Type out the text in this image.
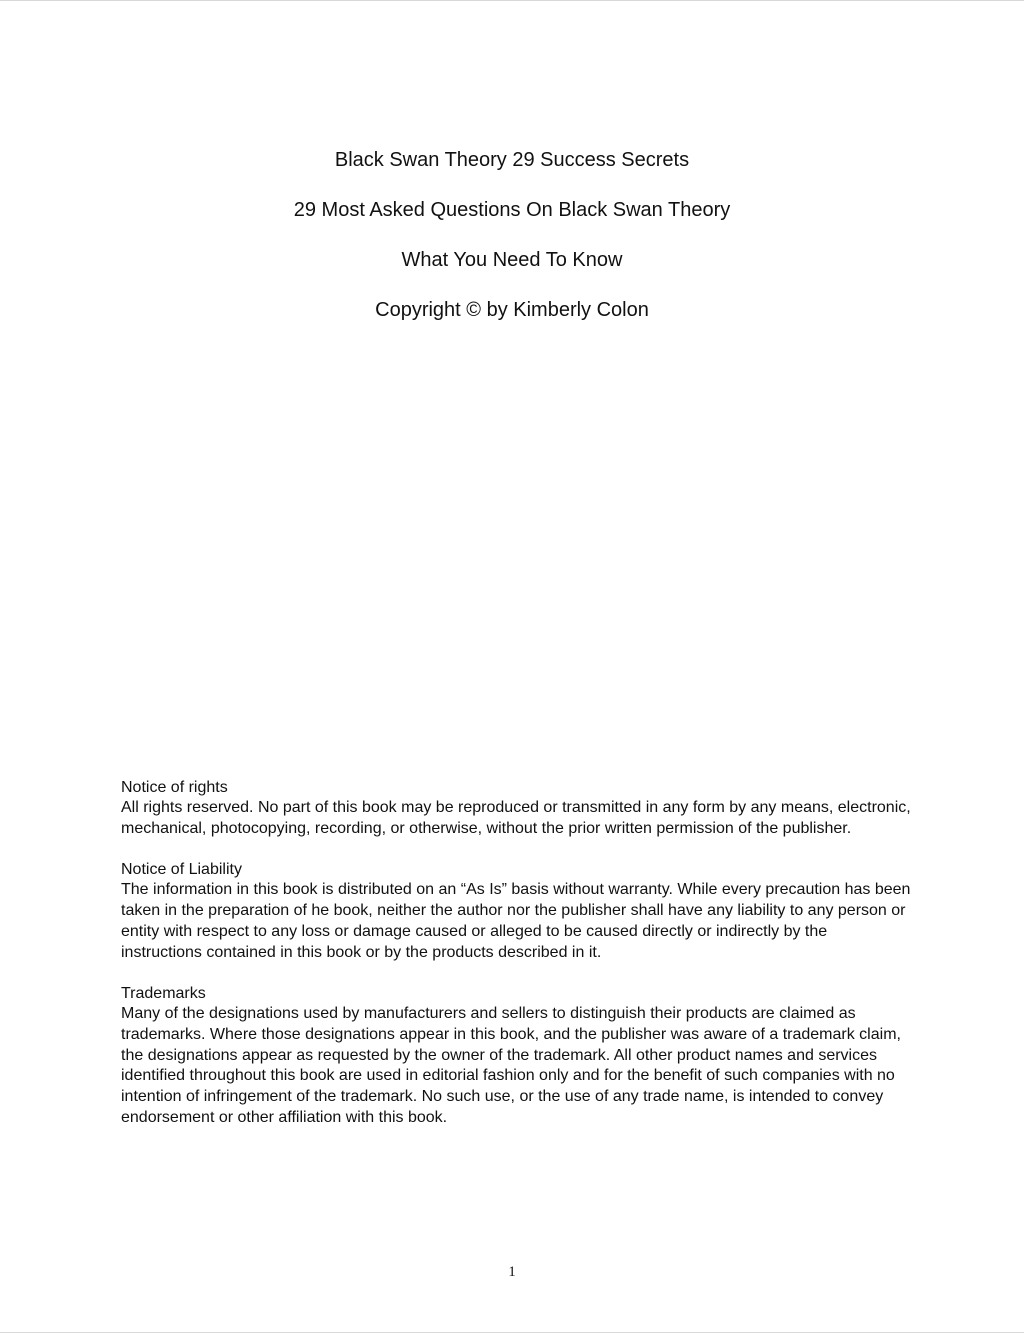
Black Swan Theory 29 Success Secrets

29 Most Asked Questions On Black Swan Theory

What You Need To Know

Copyright © by Kimberly Colon

Notice of rights

All rights reserved. No part of this book may be reproduced or transmitted in any form by any means, electronic, mechanical, photocopying, recording, or otherwise, without the prior written permission of the publisher.

Notice of Liability

The information in this book is distributed on an “As Is” basis without warranty. While every precaution has been taken in the preparation of he book, neither the author nor the publisher shall have any liability to any person or entity with respect to any loss or damage caused or alleged to be caused directly or indirectly by the instructions contained in this book or by the products described in it.

Trademarks

Many of the designations used by manufacturers and sellers to distinguish their products are claimed as trademarks. Where those designations appear in this book, and the publisher was aware of a trademark claim, the designations appear as requested by the owner of the trademark. All other product names and services identified throughout this book are used in editorial fashion only and for the benefit of such companies with no intention of infringement of the trademark. No such use, or the use of any trade name, is intended to convey endorsement or other affiliation with this book.

1
